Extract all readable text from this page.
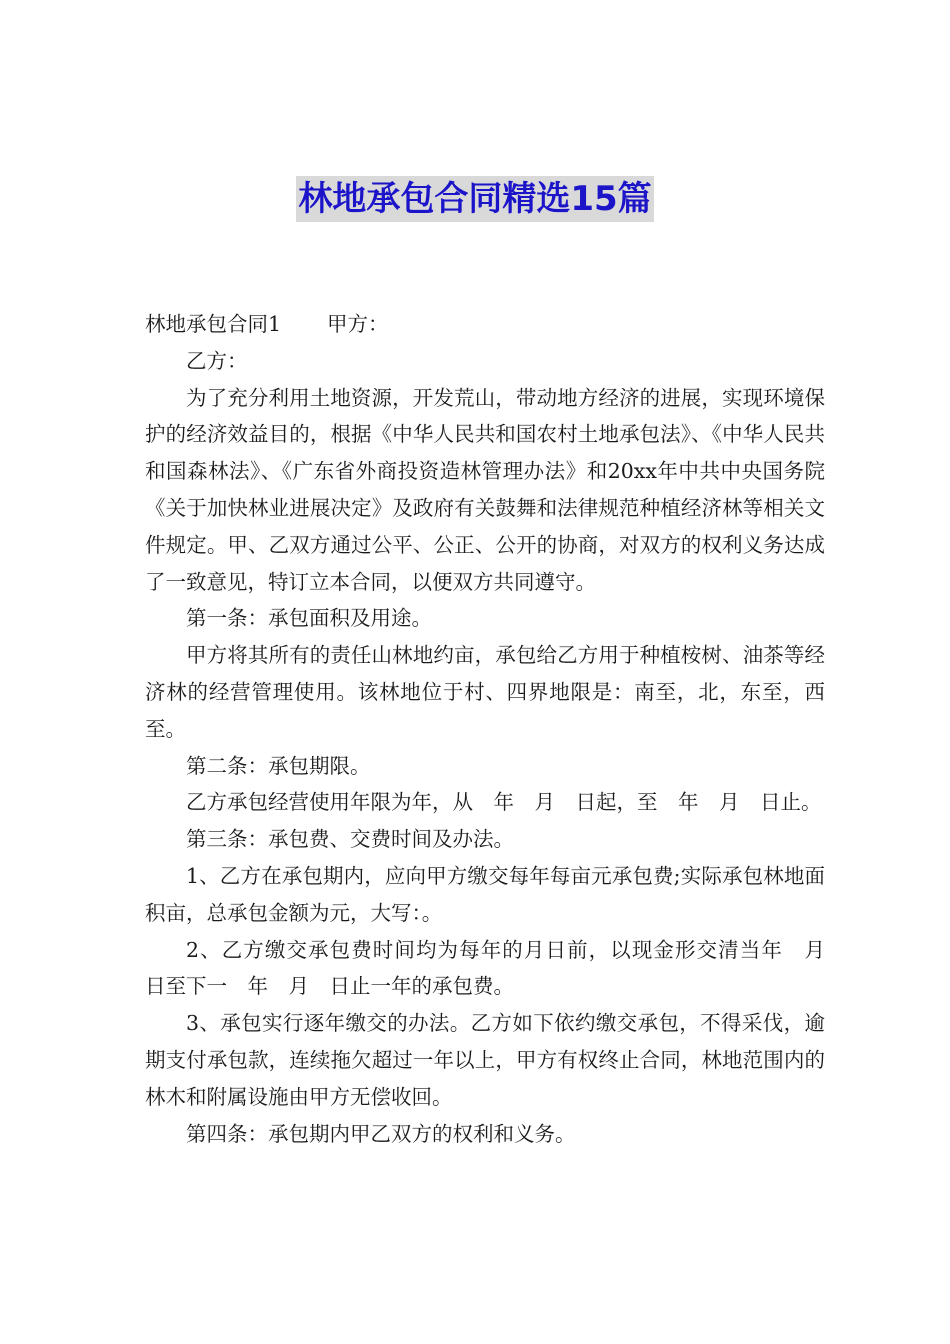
林地承包合同精选15篇

林地承包合同1 甲方：

乙方：

为了充分利用土地资源，开发荒山，带动地方经济的进展，实现环境保护的经济效益目的，根据《中华人民共和国农村土地承包法》、《中华人民共和国森林法》、《广东省外商投资造林管理办法》和20xx年中共中央国务院《关于加快林业进展决定》及政府有关鼓舞和法律规范种植经济林等相关文件规定。甲、乙双方通过公平、公正、公开的协商，对双方的权利义务达成了一致意见，特订立本合同，以便双方共同遵守。

第一条：承包面积及用途。

甲方将其所有的责任山林地约亩，承包给乙方用于种植桉树、油茶等经济林的经营管理使用。该林地位于村、四界地限是：南至，北，东至，西至。

第二条：承包期限。

乙方承包经营使用年限为年，从　年　月　日起，至　年　月　日止。

第三条：承包费、交费时间及办法。

1、乙方在承包期内，应向甲方缴交每年每亩元承包费;实际承包林地面积亩，总承包金额为元，大写：。

2、乙方缴交承包费时间均为每年的月日前，以现金形交清当年　月　日至下一　年　月　日止一年的承包费。

3、承包实行逐年缴交的办法。乙方如下依约缴交承包，不得采伐，逾期支付承包款，连续拖欠超过一年以上，甲方有权终止合同，林地范围内的林木和附属设施由甲方无偿收回。

第四条：承包期内甲乙双方的权利和义务。
